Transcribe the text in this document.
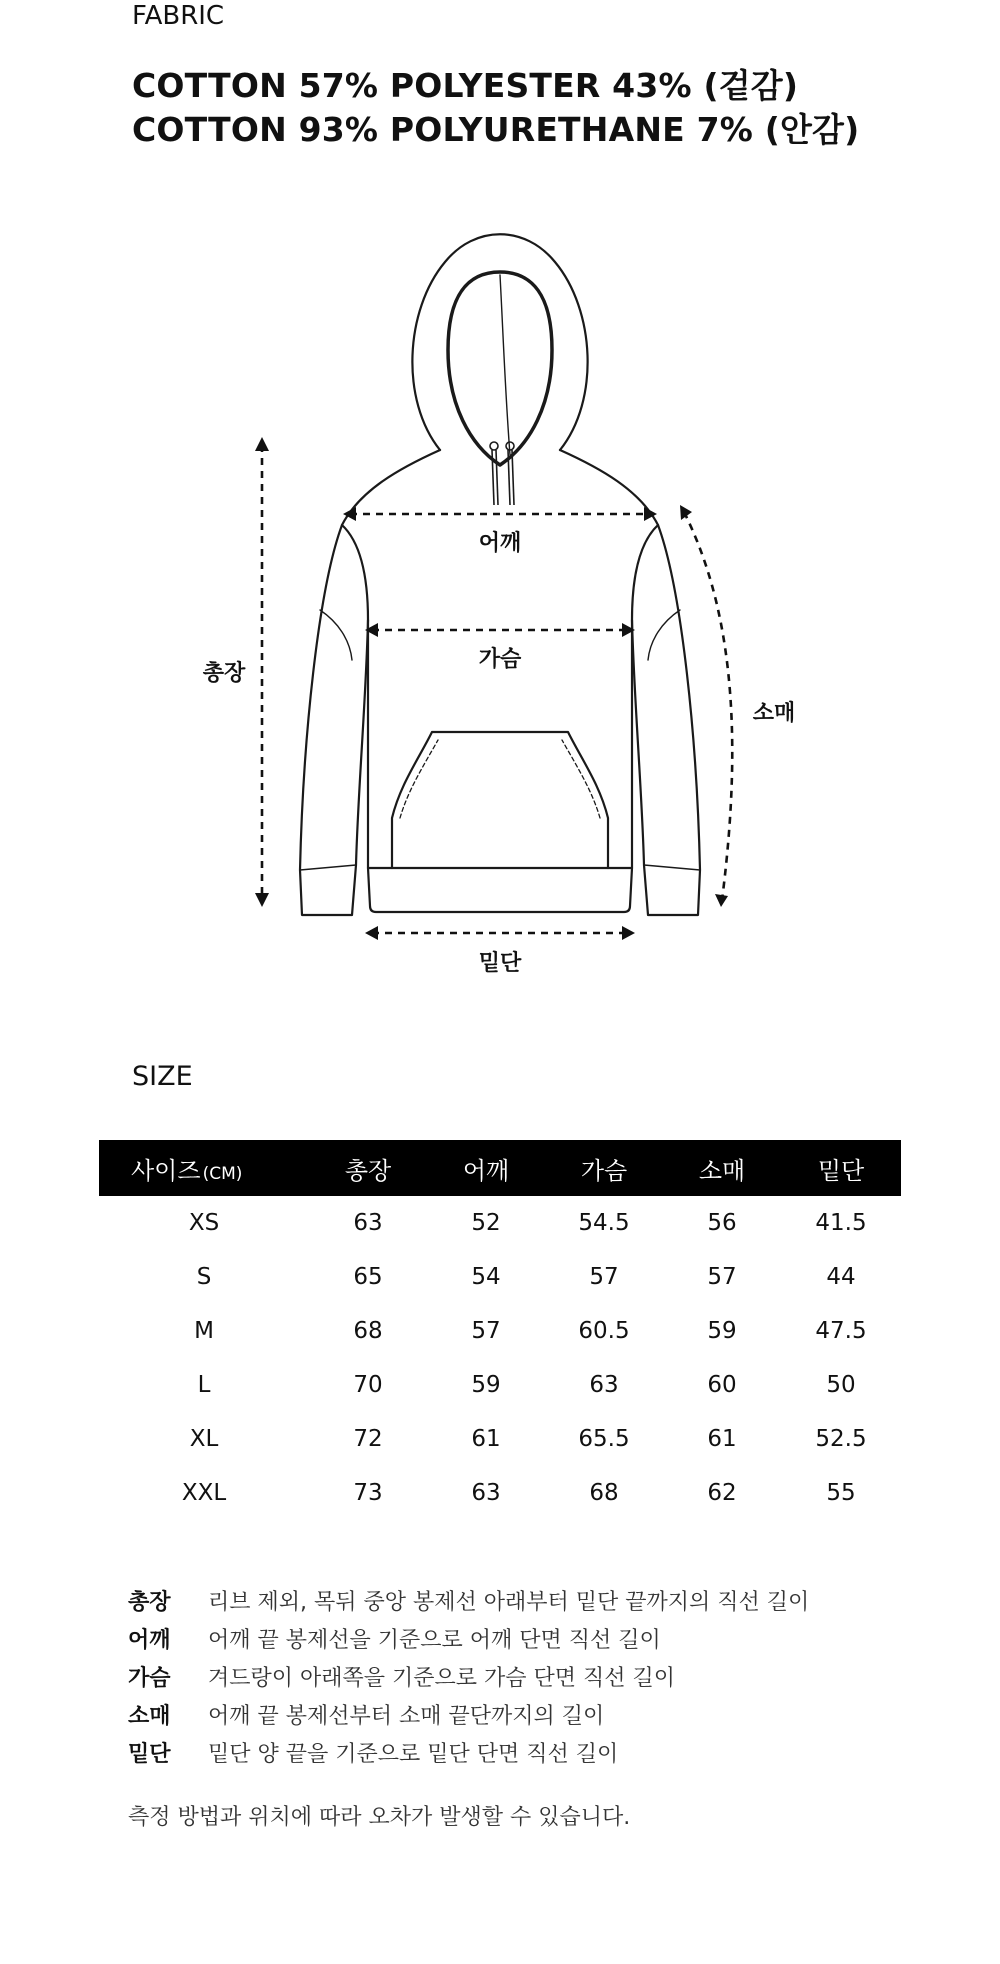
FABRIC
COTTON 57% POLYESTER 43% (겉감)
COTTON 93% POLYURETHANE 7% (안감)
총장
어깨
가슴
소매
밑단
SIZE
사이즈 (CM)	총장	어깨	가슴	소매	밑단
XS	63	52	54.5	56	41.5
S	65	54	57	57	44
M	68	57	60.5	59	47.5
L	70	59	63	60	50
XL	72	61	65.5	61	52.5
XXL	73	63	68	62	55
총장	리브 제외, 목뒤 중앙 봉제선 아래부터 밑단 끝까지의 직선 길이
어깨	어깨 끝 봉제선을 기준으로 어깨 단면 직선 길이
가슴	겨드랑이 아래쪽을 기준으로 가슴 단면 직선 길이
소매	어깨 끝 봉제선부터 소매 끝단까지의 길이
밑단	밑단 양 끝을 기준으로 밑단 단면 직선 길이
측정 방법과 위치에 따라 오차가 발생할 수 있습니다.
